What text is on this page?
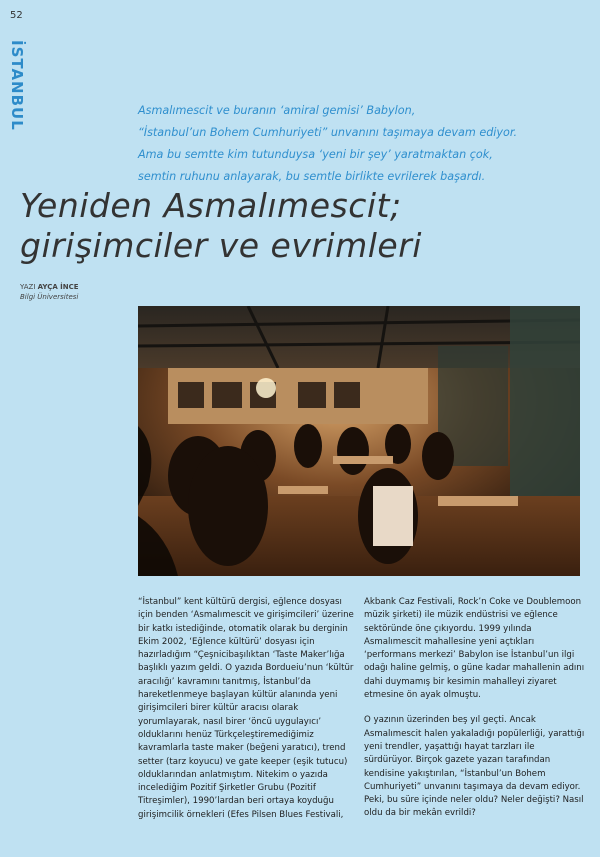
52
İSTANBUL	Asmalımescit ve buranın ‘amiral gemisi’ Babylon,

“İstanbul’un Bohem Cumhuriyeti” unvanını taşımaya devam ediyor.

Ama bu semtte kim tutunduysa ‘yeni bir şey’ yaratmaktan çok,

semtin ruhunu anlayarak, bu semtle birlikte evrilerek başardı.

Yeniden Asmalımescit;

girişimciler ve evrimleri

YAZI AYÇA İNCE
Bilgi Üniversitesi

“İstanbul” kent kültürü dergisi, eğlence dosyası
için benden ‘Asmalımescit ve girişimcileri’ üzerine
bir katkı istediğinde, otomatik olarak bu derginin
Ekim 2002, ‘Eğlence kültürü’ dosyası için
hazırladığım “Çeşnicibaşılıktan ‘Taste Maker’lığa
başlıklı yazım geldi. O yazıda Bordueiu’nun ‘kültür
aracılığı’ kavramını tanıtmış, İstanbul’da
hareketlenmeye başlayan kültür alanında yeni
girişimcileri birer kültür aracısı olarak
yorumlayarak, nasıl birer ‘öncü uygulayıcı’
olduklarını henüz Türkçeleştiremediğimiz
kavramlarla taste maker (beğeni yaratıcı), trend
setter (tarz koyucu) ve gate keeper (eşik tutucu)
olduklarından anlatmıştım. Nitekim o yazıda
incelediğim Pozitif Şirketler Grubu (Pozitif
Titreşimler), 1990’lardan beri ortaya koyduğu
girişimcilik örnekleri (Efes Pilsen Blues Festivali,

Akbank Caz Festivali, Rock’n Coke ve Doublemoon
müzik şirketi) ile müzik endüstrisi ve eğlence
sektöründe öne çıkıyordu. 1999 yılında
Asmalımescit mahallesine yeni açtıkları
‘performans merkezi’ Babylon ise İstanbul’un ilgi
odağı haline gelmiş, o güne kadar mahallenin adını
dahi duymamış bir kesimin mahalleyi ziyaret
etmesine ön ayak olmuştu.

O yazının üzerinden beş yıl geçti. Ancak
Asmalımescit halen yakaladığı popülerliği, yarattığı
yeni trendler, yaşattığı hayat tarzları ile
sürdürüyor. Birçok gazete yazarı tarafından
kendisine yakıştırılan, “İstanbul’un Bohem
Cumhuriyeti” unvanını taşımaya da devam ediyor.
Peki, bu süre içinde neler oldu? Neler değişti? Nasıl
oldu da bir mekân evrildi?
